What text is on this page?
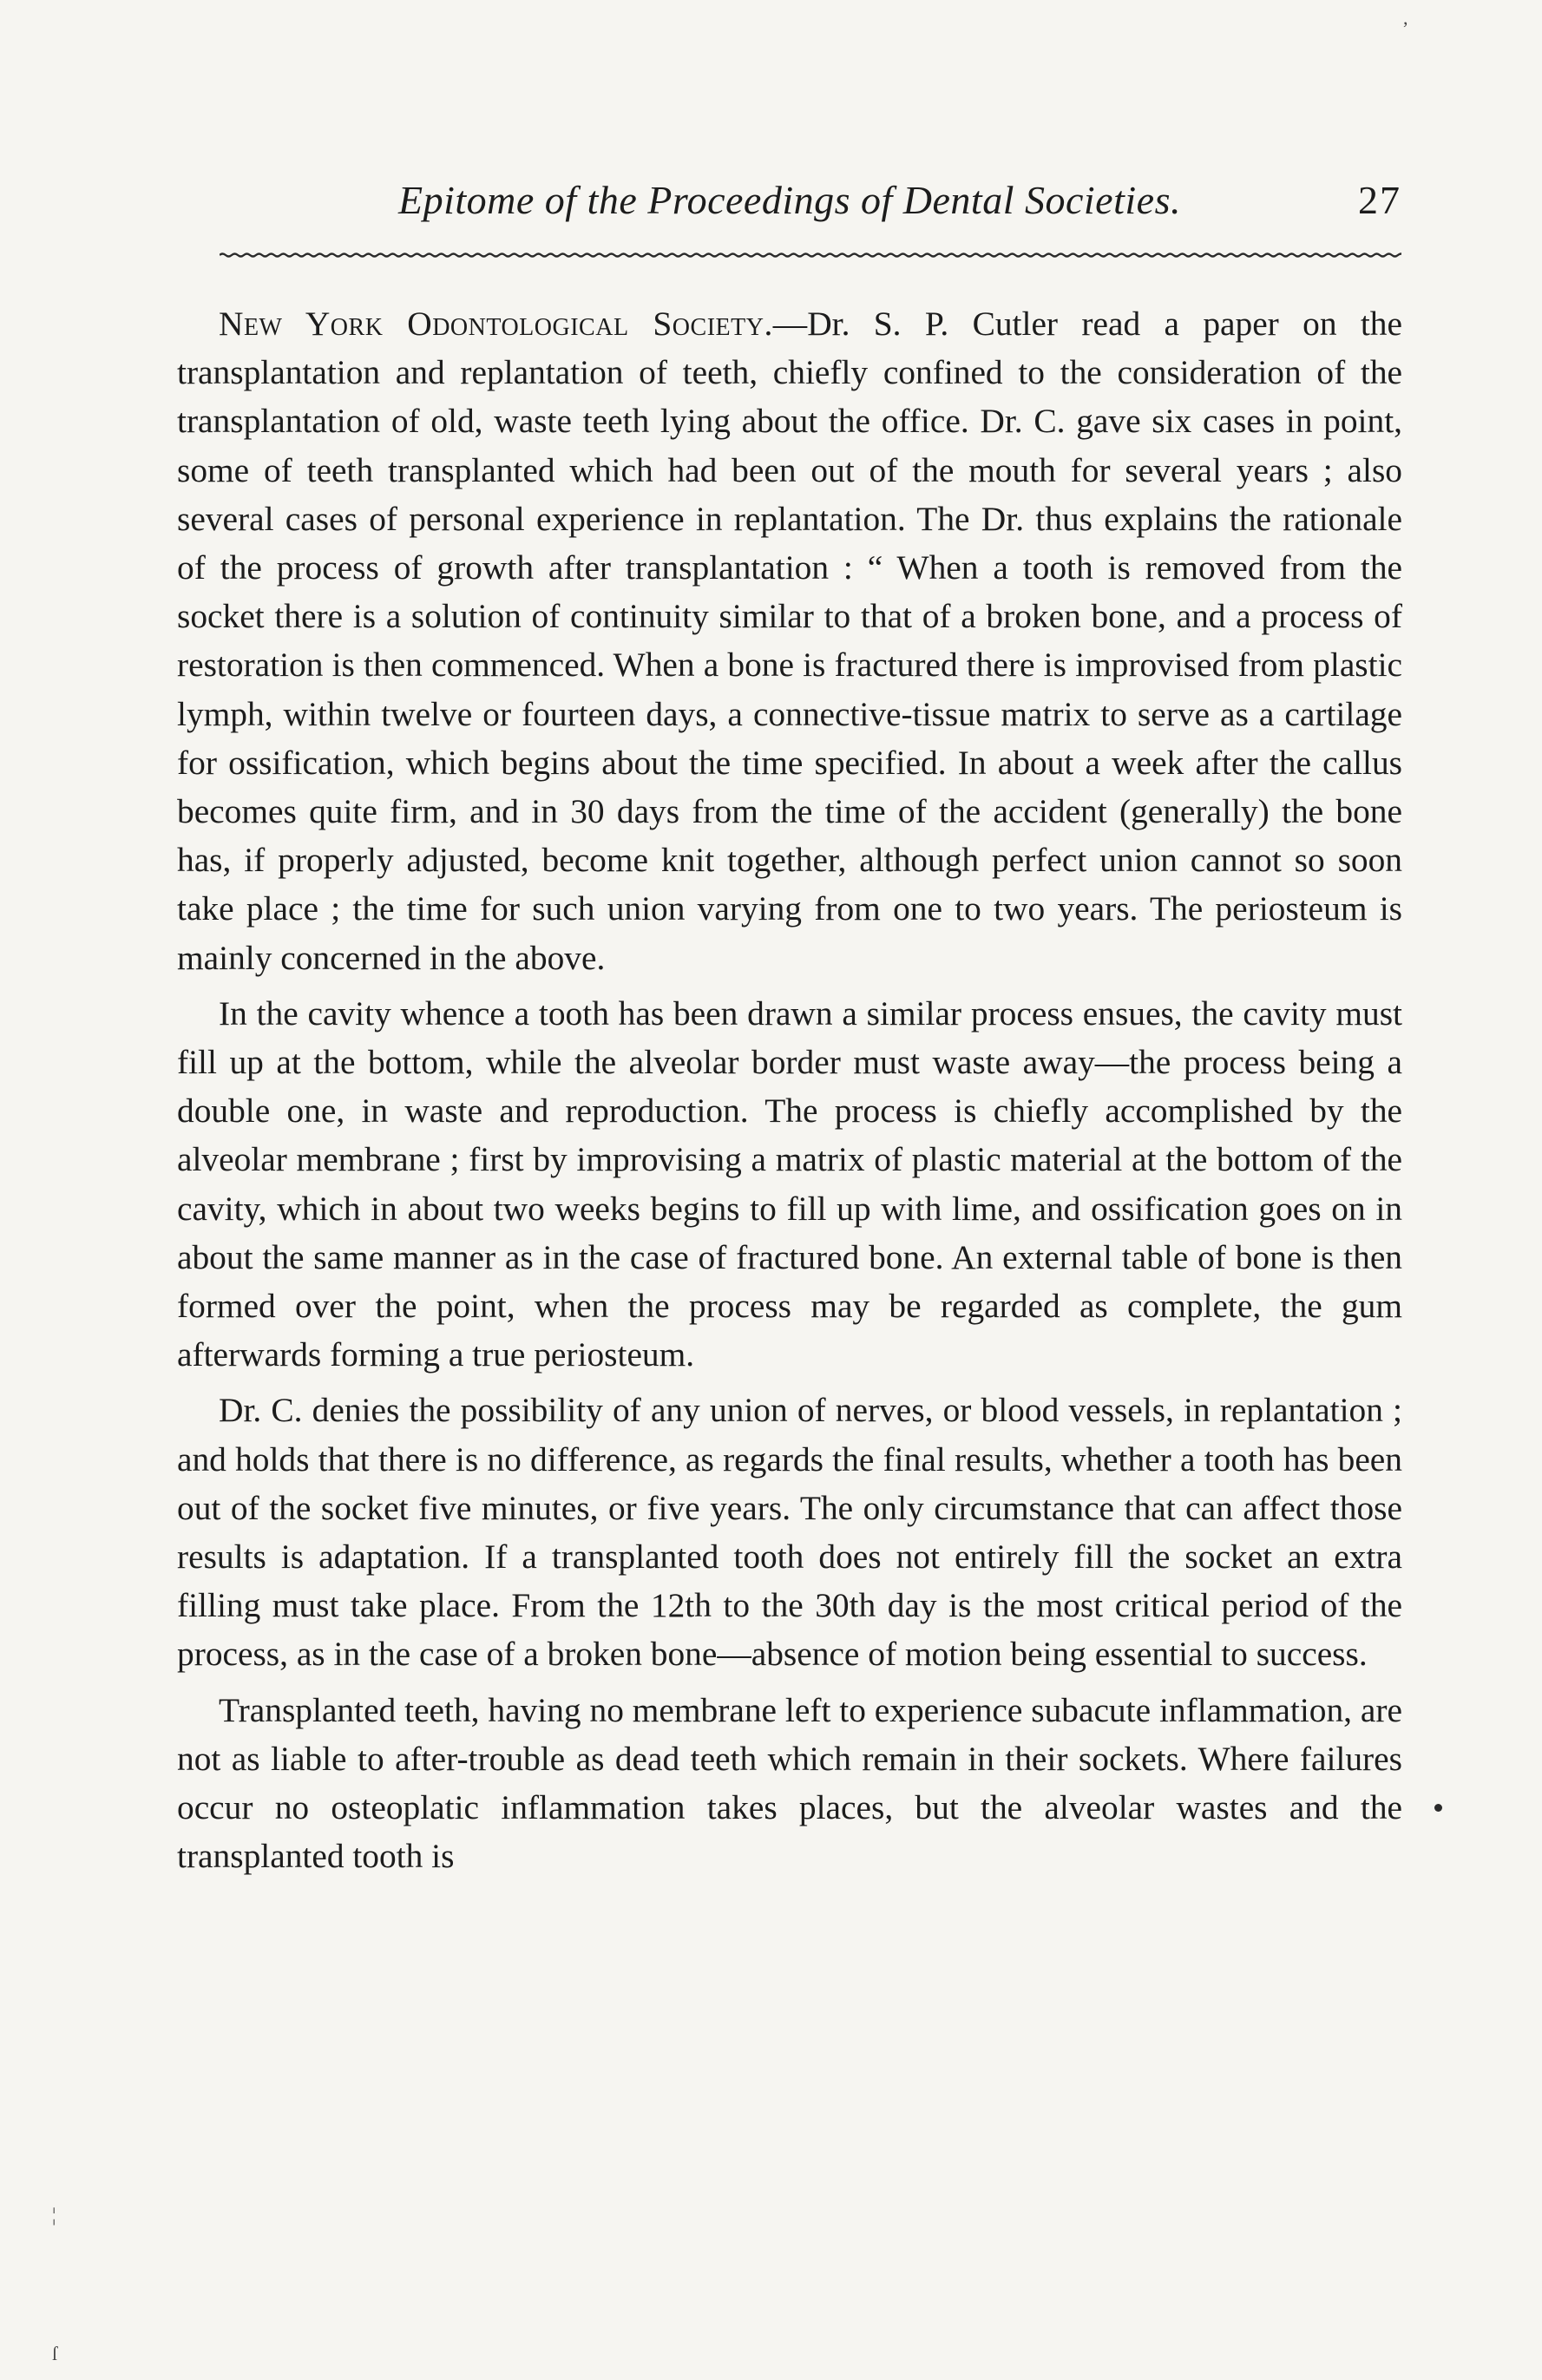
Epitome of the Proceedings of Dental Societies.	27

New York Odontological Society.—Dr. S. P. Cutler read a paper on the transplantation and replantation of teeth, chiefly confined to the consideration of the transplantation of old, waste teeth lying about the office. Dr. C. gave six cases in point, some of teeth transplanted which had been out of the mouth for several years ; also several cases of personal experience in replantation. The Dr. thus explains the rationale of the process of growth after transplantation : “ When a tooth is removed from the socket there is a solution of continuity similar to that of a broken bone, and a process of restoration is then commenced. When a bone is fractured there is improvised from plastic lymph, within twelve or fourteen days, a connective-tissue matrix to serve as a cartilage for ossification, which begins about the time specified. In about a week after the callus becomes quite firm, and in 30 days from the time of the accident (generally) the bone has, if properly adjusted, become knit together, although perfect union cannot so soon take place ; the time for such union varying from one to two years. The periosteum is mainly concerned in the above.

In the cavity whence a tooth has been drawn a similar process ensues, the cavity must fill up at the bottom, while the alveolar border must waste away—the process being a double one, in waste and reproduction. The process is chiefly accomplished by the alveolar membrane ; first by improvising a matrix of plastic material at the bottom of the cavity, which in about two weeks begins to fill up with lime, and ossification goes on in about the same manner as in the case of fractured bone. An external table of bone is then formed over the point, when the process may be regarded as complete, the gum afterwards forming a true periosteum.

Dr. C. denies the possibility of any union of nerves, or blood vessels, in replantation ; and holds that there is no difference, as regards the final results, whether a tooth has been out of the socket five minutes, or five years. The only circumstance that can affect those results is adaptation. If a transplanted tooth does not entirely fill the socket an extra filling must take place. From the 12th to the 30th day is the most critical period of the process, as in the case of a broken bone—absence of motion being essential to success.

Transplanted teeth, having no membrane left to experience subacute inflammation, are not as liable to after-trouble as dead teeth which remain in their sockets. Where failures occur no osteoplatic inflammation takes places, but the alveolar wastes and the transplanted tooth is

,
¦
ſ
